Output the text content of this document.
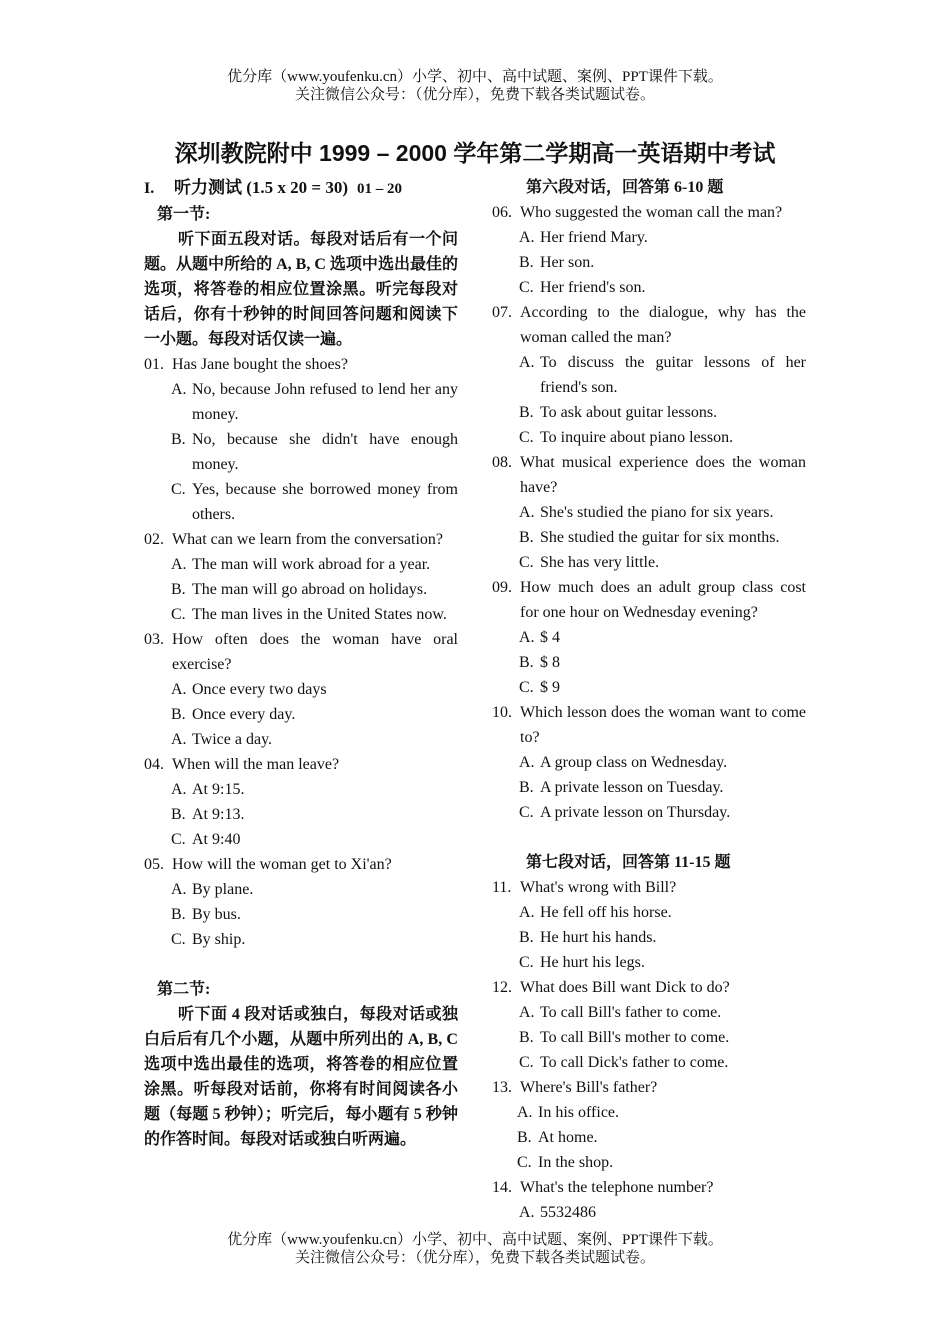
优分库（www.youfenku.cn）小学、初中、高中试题、案例、PPT课件下载。
关注微信公众号：（优分库），免费下载各类试题试卷。
深圳教院附中 1999 – 2000 学年第二学期高一英语期中考试
I.	听力测试 (1.5 x 20 = 30) 01 – 20
第一节:
听下面五段对话。每段对话后有一个问题。从题中所给的 A, B, C 选项中选出最佳的选项，将答卷的相应位置涂黑。听完每段对话后，你有十秒钟的时间回答问题和阅读下一小题。每段对话仅读一遍。
01. Has Jane bought the shoes?
A. No, because John refused to lend her any money.
B. No, because she didn't have enough money.
C. Yes, because she borrowed money from others.
02. What can we learn from the conversation?
A. The man will work abroad for a year.
B. The man will go abroad on holidays.
C. The man lives in the United States now.
03. How often does the woman have oral exercise?
A. Once every two days
B. Once every day.
A. Twice a day.
04. When will the man leave?
A. At 9:15.
B. At 9:13.
C. At 9:40
05. How will the woman get to Xi'an?
A. By plane.
B. By bus.
C. By ship.
第二节:
听下面 4 段对话或独白，每段对话或独白后后有几个小题，从题中所列出的 A, B, C 选项中选出最佳的选项，将答卷的相应位置涂黑。听每段对话前，你将有时间阅读各小题（每题 5 秒钟）；听完后，每小题有 5 秒钟的作答时间。每段对话或独白听两遍。
第六段对话，回答第 6-10 题
06. Who suggested the woman call the man?
A. Her friend Mary.
B. Her son.
C. Her friend's son.
07. According to the dialogue, why has the woman called the man?
A. To discuss the guitar lessons of her friend's son.
B. To ask about guitar lessons.
C. To inquire about piano lesson.
08. What musical experience does the woman have?
A. She's studied the piano for six years.
B. She studied the guitar for six months.
C. She has very little.
09. How much does an adult group class cost for one hour on Wednesday evening?
A. $ 4
B. $ 8
C. $ 9
10. Which lesson does the woman want to come to?
A. A group class on Wednesday.
B. A private lesson on Tuesday.
C. A private lesson on Thursday.
第七段对话，回答第 11-15 题
11. What's wrong with Bill?
A. He fell off his horse.
B. He hurt his hands.
C. He hurt his legs.
12. What does Bill want Dick to do?
A. To call Bill's father to come.
B. To call Bill's mother to come.
C. To call Dick's father to come.
13. Where's Bill's father?
A. In his office.
B. At home.
C. In the shop.
14. What's the telephone number?
A. 5532486
优分库（www.youfenku.cn）小学、初中、高中试题、案例、PPT课件下载。
关注微信公众号：（优分库），免费下载各类试题试卷。
